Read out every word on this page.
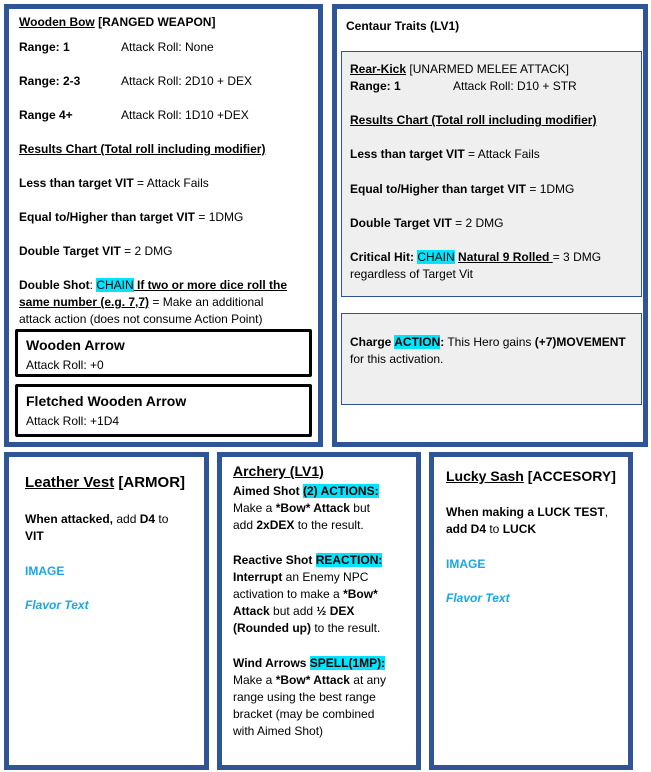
Wooden Bow [RANGED WEAPON]
Range: 1	Attack Roll: None
Range: 2-3	Attack Roll: 2D10 + DEX
Range 4+	Attack Roll: 1D10 +DEX
Results Chart (Total roll including modifier)
Less than target VIT = Attack Fails
Equal to/Higher than target VIT = 1DMG
Double Target VIT = 2 DMG
Double Shot: CHAIN If two or more dice roll the
same number (e.g. 7,7) = Make an additional
attack action (does not consume Action Point)
Wooden Arrow
Attack Roll: +0
Fletched Wooden Arrow
Attack Roll: +1D4
Centaur Traits (LV1)
Rear-Kick [UNARMED MELEE ATTACK]
Range: 1	Attack Roll: D10 + STR
Results Chart (Total roll including modifier)
Less than target VIT = Attack Fails
Equal to/Higher than target VIT = 1DMG
Double Target VIT = 2 DMG
Critical Hit: CHAIN Natural 9 Rolled = 3 DMG
regardless of Target Vit
Charge ACTION: This Hero gains (+7)MOVEMENT
for this activation.
Leather Vest [ARMOR]
When attacked, add D4 to
VIT
IMAGE
Flavor Text
Archery (LV1)
Aimed Shot (2) ACTIONS:
Make a *Bow* Attack but
add 2xDEX to the result.
Reactive Shot REACTION:
Interrupt an Enemy NPC
activation to make a *Bow*
Attack but add ½ DEX
(Rounded up) to the result.
Wind Arrows SPELL(1MP):
Make a *Bow* Attack at any
range using the best range
bracket (may be combined
with Aimed Shot)
Lucky Sash [ACCESORY]
When making a LUCK TEST,
add D4 to LUCK
IMAGE
Flavor Text
